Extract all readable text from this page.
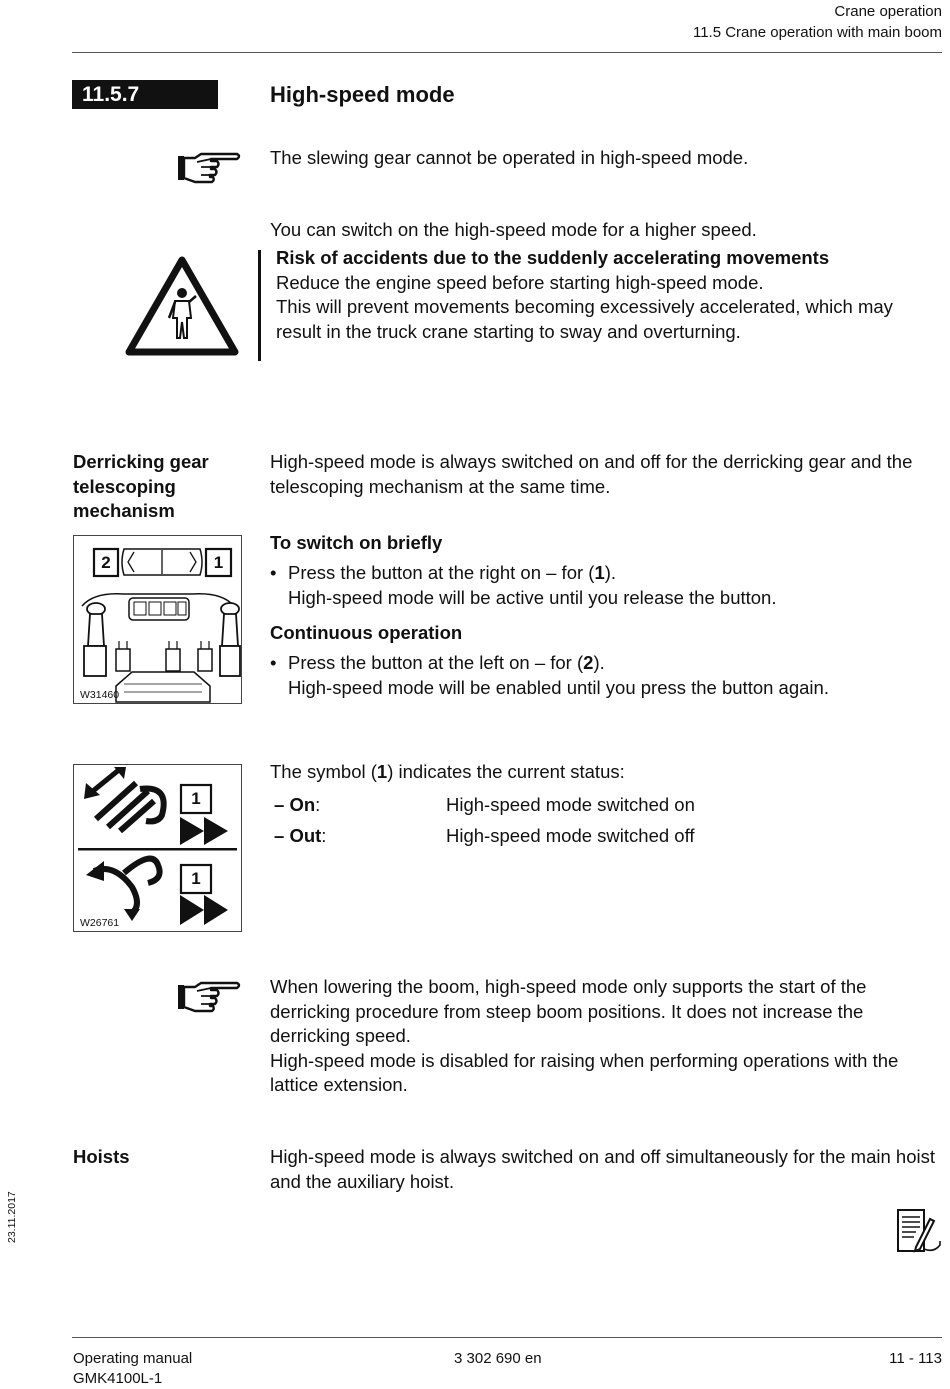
Crane operation
11.5 Crane operation with main boom
11.5.7	High-speed mode
The slewing gear cannot be operated in high-speed mode.
You can switch on the high-speed mode for a higher speed.
Risk of accidents due to the suddenly accelerating movements
Reduce the engine speed before starting high-speed mode.
This will prevent movements becoming excessively accelerated, which may result in the truck crane starting to sway and overturning.
Derricking gear telescoping mechanism
High-speed mode is always switched on and off for the derricking gear and the telescoping mechanism at the same time.
2	1
W31460
To switch on briefly
• Press the button at the right on – for (1).
High-speed mode will be active until you release the button.
Continuous operation
• Press the button at the left on – for (2).
High-speed mode will be enabled until you press the button again.
1
1
W26761
The symbol (1) indicates the current status:
– On:	High-speed mode switched on
– Out:	High-speed mode switched off
When lowering the boom, high-speed mode only supports the start of the derricking procedure from steep boom positions. It does not increase the derricking speed.
High-speed mode is disabled for raising when performing operations with the lattice extension.
Hoists	High-speed mode is always switched on and off simultaneously for the main hoist and the auxiliary hoist.
23.11.2017
Operating manual
GMK4100L-1
3 302 690 en	11 - 113
